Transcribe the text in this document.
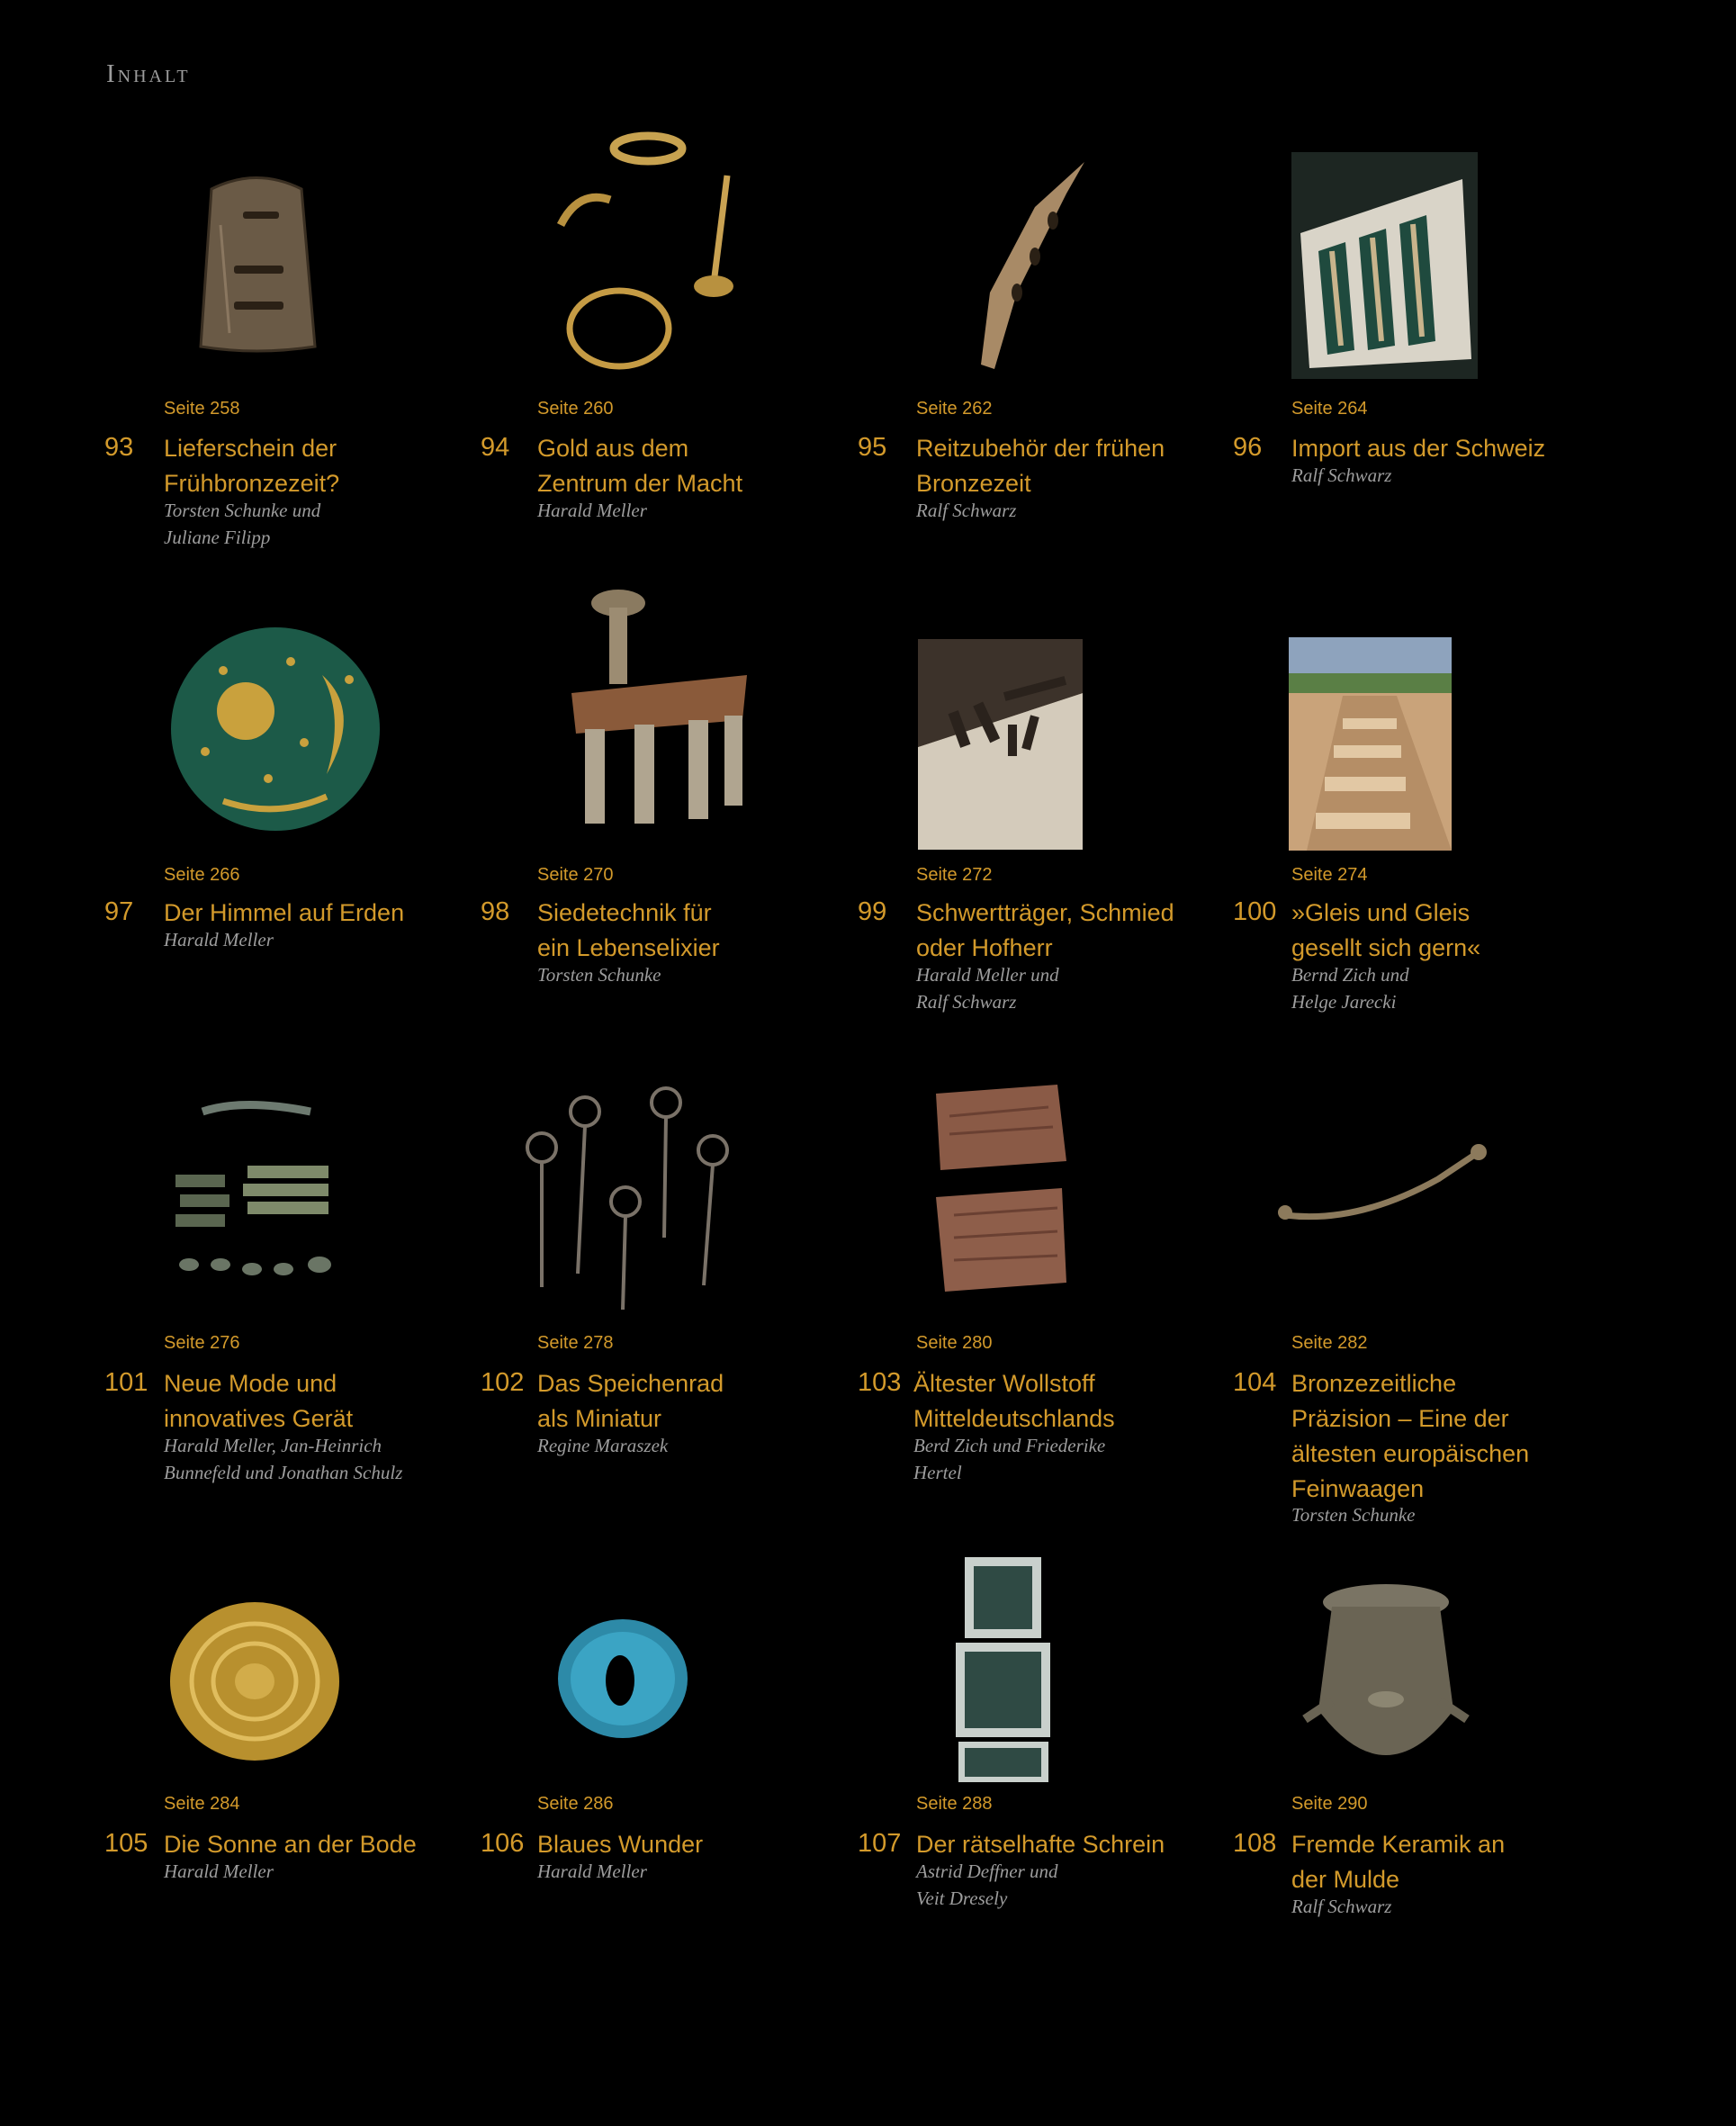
Inhalt
Seite 258
93 Lieferschein der
Frühbronzezeit?
Torsten Schunke und
Juliane Filipp
Seite 260
94 Gold aus dem
Zentrum der Macht
Harald Meller
Seite 262
95 Reitzubehör der frühen
Bronzezeit
Ralf Schwarz
Seite 264
96 Import aus der Schweiz
Ralf Schwarz
Seite 266
97 Der Himmel auf Erden
Harald Meller
Seite 270
98 Siedetechnik für
ein Lebenselixier
Torsten Schunke
Seite 272
99 Schwertträger, Schmied
oder Hofherr
Harald Meller und
Ralf Schwarz
Seite 274
100 »Gleis und Gleis
gesellt sich gern«
Bernd Zich und
Helge Jarecki
Seite 276
101 Neue Mode und
innovatives Gerät
Harald Meller, Jan-Heinrich
Bunnefeld und Jonathan Schulz
Seite 278
102 Das Speichenrad
als Miniatur
Regine Maraszek
Seite 280
103 Ältester Wollstoff
Mitteldeutschlands
Berd Zich und Friederike
Hertel
Seite 282
104 Bronzezeitliche
Präzision – Eine der
ältesten europäischen
Feinwaagen
Torsten Schunke
Seite 284
105 Die Sonne an der Bode
Harald Meller
Seite 286
106 Blaues Wunder
Harald Meller
Seite 288
107 Der rätselhafte Schrein
Astrid Deffner und
Veit Dresely
Seite 290
108 Fremde Keramik an
der Mulde
Ralf Schwarz
